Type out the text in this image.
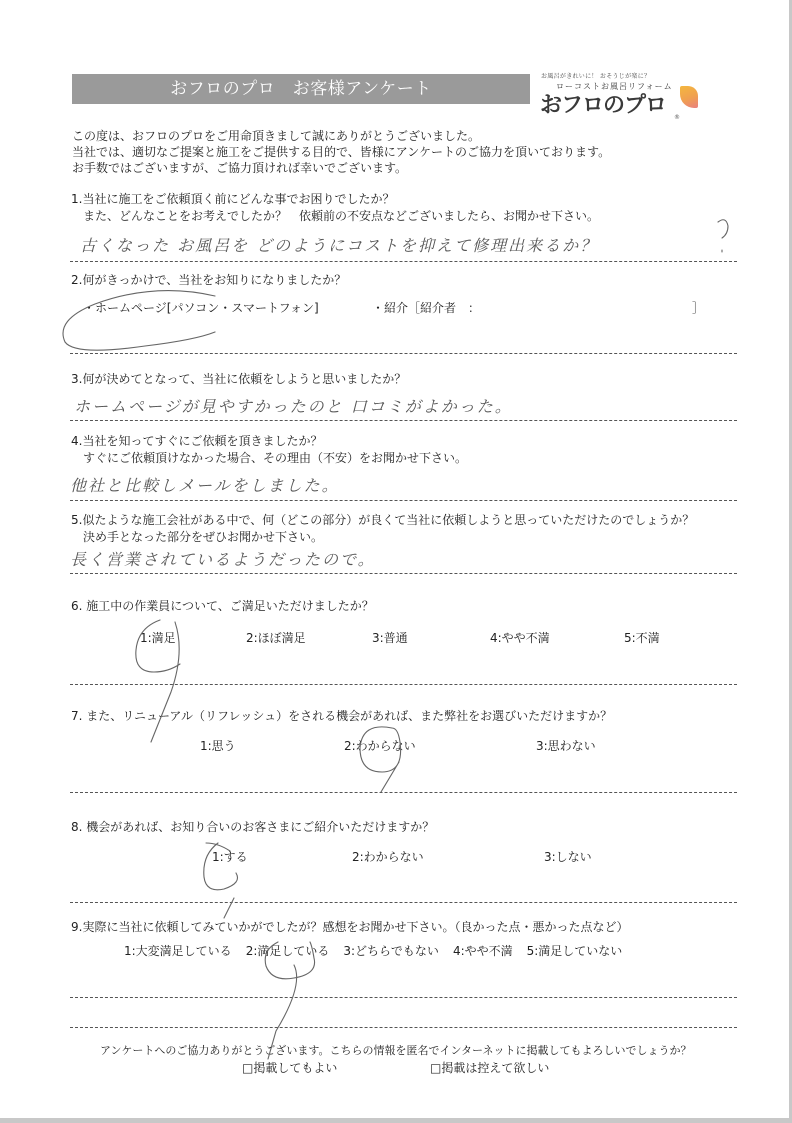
おフロのプロ　お客様アンケート
お風呂がきれいに！ おそうじが楽に？
ローコストお風呂リフォーム
おフロのプロ ®
この度は、おフロのプロをご用命頂きまして誠にありがとうございました。
当社では、適切なご提案と施工をご提供する目的で、皆様にアンケートのご協力を頂いております。
お手数ではございますが、ご協力頂ければ幸いでございます。
1.当社に施工をご依頼頂く前にどんな事でお困りでしたか？
　また、どんなことをお考えでしたか？　依頼前の不安点などございましたら、お聞かせ下さい。
古くなった お風呂を どのようにコストを抑えて修理出来るか？
2.何がきっかけで、当社をお知りになりましたか？
・ホームページ[パソコン・スマートフォン]	・紹介［紹介者　：	］
3.何が決めてとなって、当社に依頼をしようと思いましたか？
ホームページが見やすかったのと 口コミがよかった。
4.当社を知ってすぐにご依頼を頂きましたか？
　すぐにご依頼頂けなかった場合、その理由（不安）をお聞かせ下さい。
他社と比較しメールをしました。
5.似たような施工会社がある中で、何（どこの部分）が良くて当社に依頼しようと思っていただけたのでしょうか？
　決め手となった部分をぜひお聞かせ下さい。
長く営業されているようだったので。
6. 施工中の作業員について、ご満足いただけましたか？
1:満足	2:ほぼ満足	3:普通	4:やや不満	5:不満
7. また、リニューアル（リフレッシュ）をされる機会があれば、また弊社をお選びいただけますか？
1:思う	2:わからない	3:思わない
8. 機会があれば、お知り合いのお客さまにご紹介いただけますか？
1:する	2:わからない	3:しない
9.実際に当社に依頼してみていかがでしたが？感想をお聞かせ下さい。（良かった点・悪かった点など）
1:大変満足している 2:満足している 3:どちらでもない 4:やや不満 5:満足していない
アンケートへのご協力ありがとうございます。こちらの情報を匿名でインターネットに掲載してもよろしいでしょうか？
□掲載してもよい	□掲載は控えて欲しい
